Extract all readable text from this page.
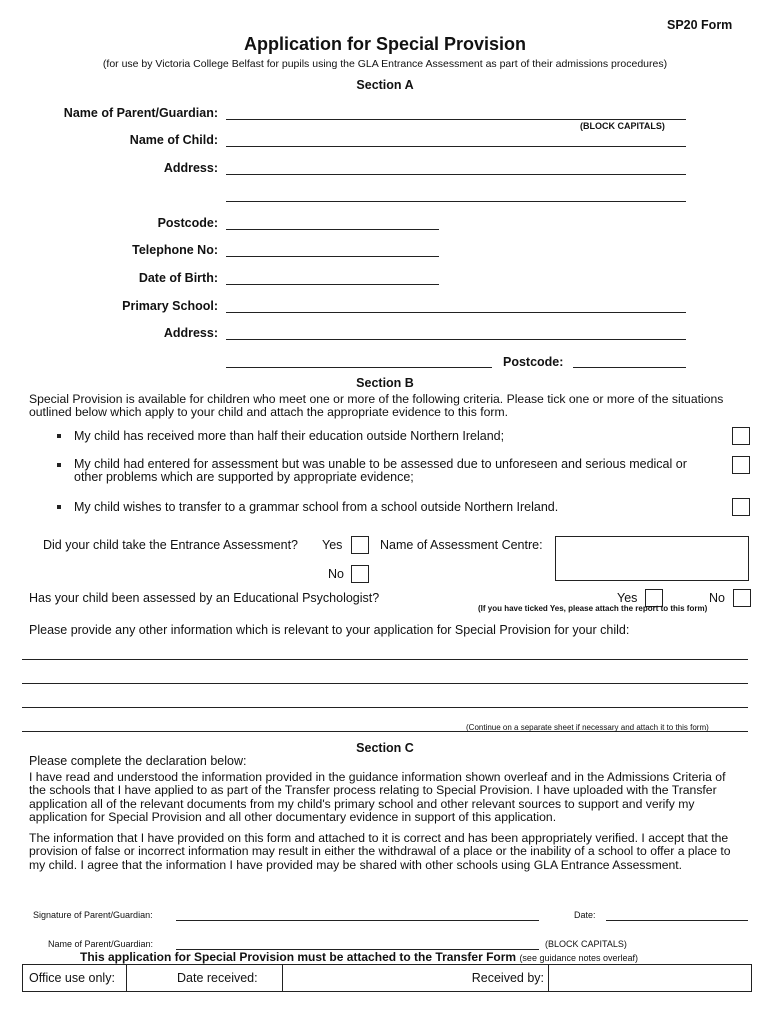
SP20 Form
Application for Special Provision
(for use by Victoria College Belfast for pupils using the GLA Entrance Assessment as part of their admissions procedures)
Section A
Name of Parent/Guardian:
(BLOCK CAPITALS)
Name of Child:
Address:
Postcode:
Telephone No:
Date of Birth:
Primary School:
Address:
Postcode:
Section B
Special Provision is available for children who meet one or more of the following criteria. Please tick one or more of the situations outlined below which apply to your child and attach the appropriate evidence to this form.
My child has received more than half their education outside Northern Ireland;
My child had entered for assessment but was unable to be assessed due to unforeseen and serious medical or other problems which are supported by appropriate evidence;
My child wishes to transfer to a grammar school from a school outside Northern Ireland.
Did your child take the Entrance Assessment? Yes	Name of Assessment Centre:
No
Has your child been assessed by an Educational Psychologist?	Yes	No
(If you have ticked Yes, please attach the report to this form)
Please provide any other information which is relevant to your application for Special Provision for your child:
(Continue on a separate sheet if necessary and attach it to this form)
Section C
Please complete the declaration below:
I have read and understood the information provided in the guidance information shown overleaf and in the Admissions Criteria of the schools that I have applied to as part of the Transfer process relating to Special Provision. I have uploaded with the Transfer application all of the relevant documents from my child's primary school and other relevant sources to support and verify my application for Special Provision and all other documentary evidence in support of this application.
The information that I have provided on this form and attached to it is correct and has been appropriately verified. I accept that the provision of false or incorrect information may result in either the withdrawal of a place or the inability of a school to offer a place to my child. I agree that the information I have provided may be shared with other schools using GLA Entrance Assessment.
Signature of Parent/Guardian:	Date:
Name of Parent/Guardian:	(BLOCK CAPITALS)
This application for Special Provision must be attached to the Transfer Form (see guidance notes overleaf)
Office use only:	Date received:	Received by:
